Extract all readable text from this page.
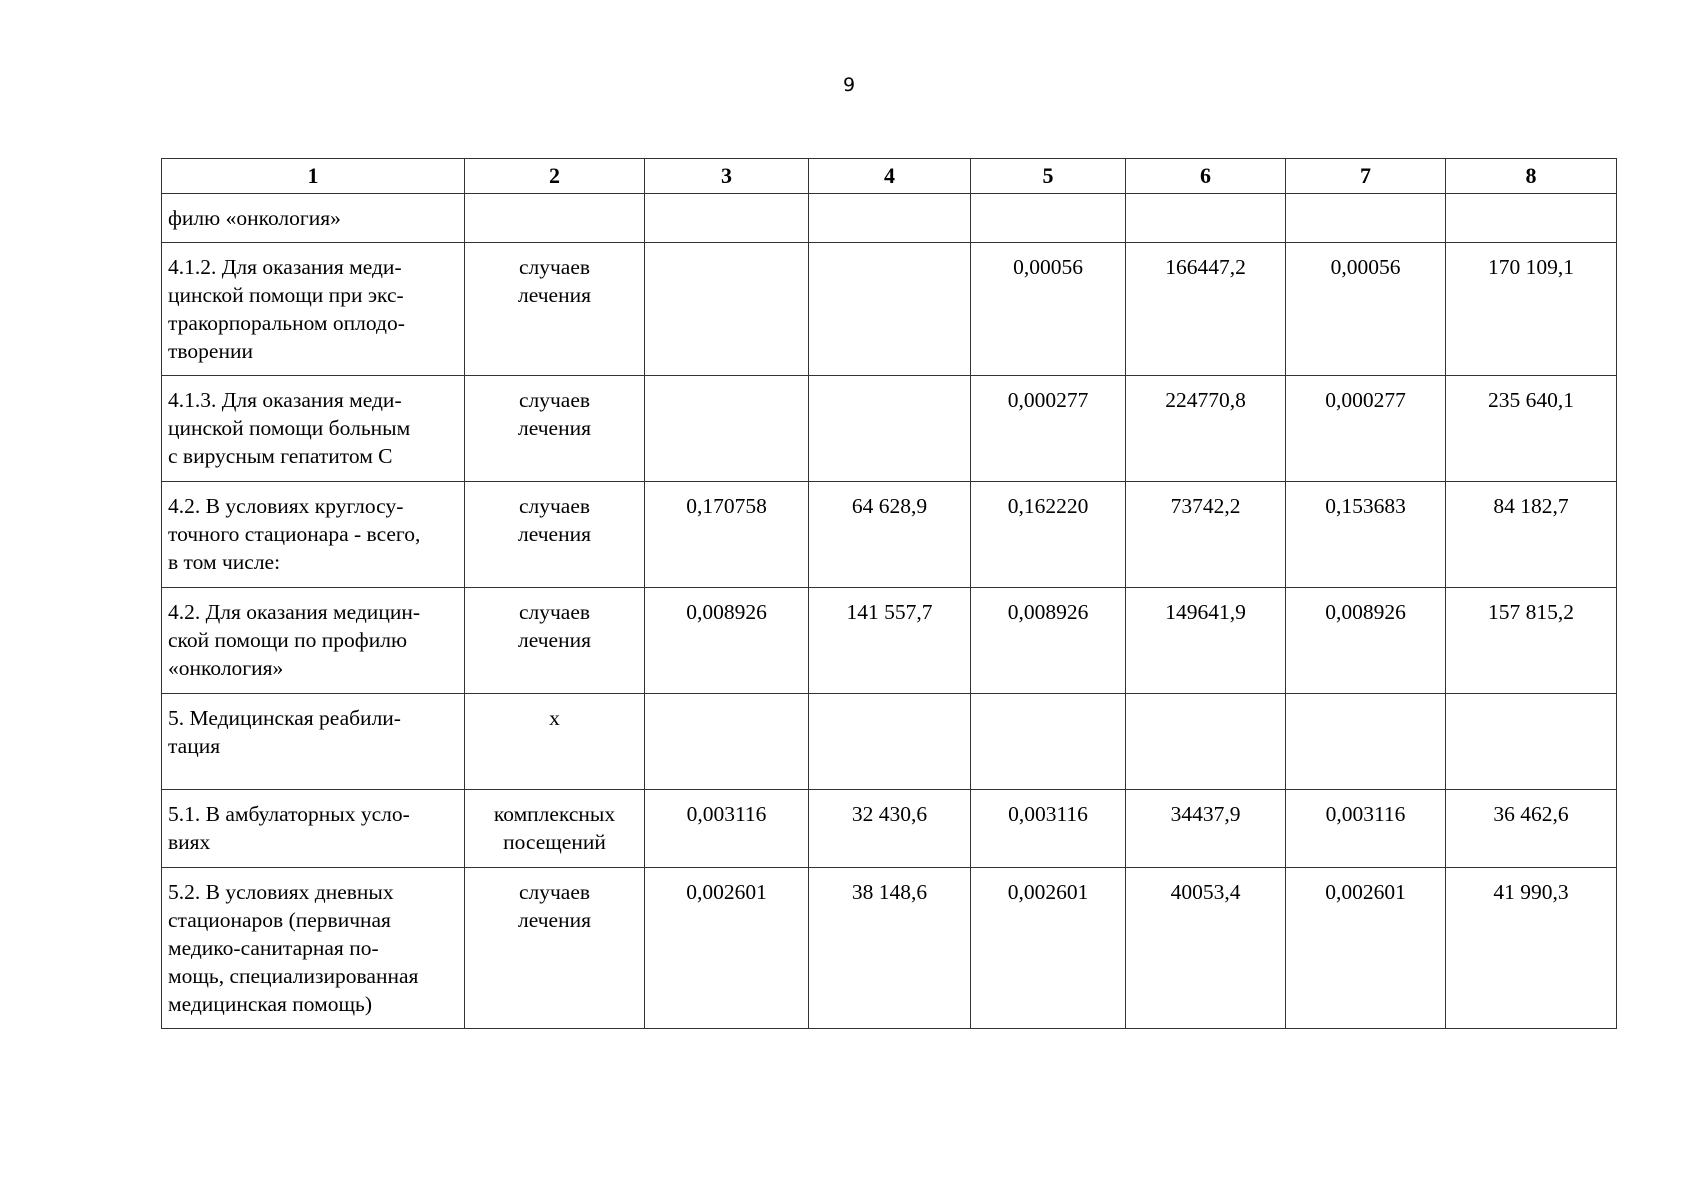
9
1	2	3	4	5	6	7	8

филю «онкология»							

4.1.2. Для оказания меди-
цинской помощи при экс-
тракорпоральном оплодо-
творении	случаев
лечения			0,00056	166447,2	0,00056	170 109,1

4.1.3. Для оказания меди-
цинской помощи больным
с вирусным гепатитом С	случаев
лечения			0,000277	224770,8	0,000277	235 640,1

4.2. В условиях круглосу-
точного стационара - всего,
в том числе:	случаев
лечения	0,170758	64 628,9	0,162220	73742,2	0,153683	84 182,7

4.2. Для оказания медицин-
ской помощи по профилю
«онкология»	случаев
лечения	0,008926	141 557,7	0,008926	149641,9	0,008926	157 815,2

5. Медицинская реабили-
тация	х						

5.1. В амбулаторных усло-
виях	комплексных
посещений	0,003116	32 430,6	0,003116	34437,9	0,003116	36 462,6

5.2. В условиях дневных
стационаров (первичная
медико-санитарная по-
мощь, специализированная
медицинская помощь)	случаев
лечения	0,002601	38 148,6	0,002601	40053,4	0,002601	41 990,3
